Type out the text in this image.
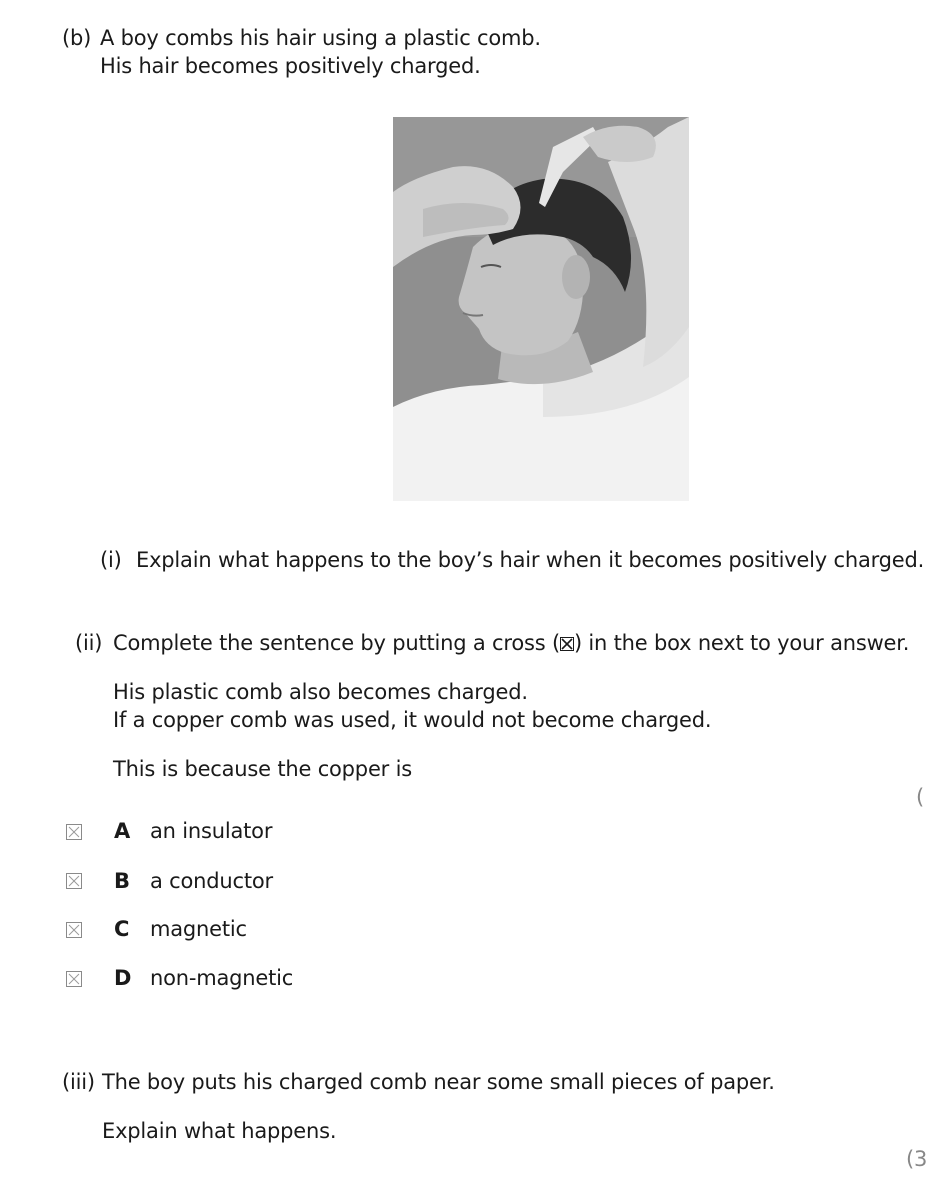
(b) A boy combs his hair using a plastic comb.
His hair becomes positively charged.
(i) Explain what happens to the boy’s hair when it becomes positively charged.
(ii) Complete the sentence by putting a cross (☒) in the box next to your answer.
His plastic comb also becomes charged.
If a copper comb was used, it would not become charged.
This is because the copper is
(
A an insulator
B a conductor
C magnetic
D non-magnetic
(iii) The boy puts his charged comb near some small pieces of paper.
Explain what happens.
(3
